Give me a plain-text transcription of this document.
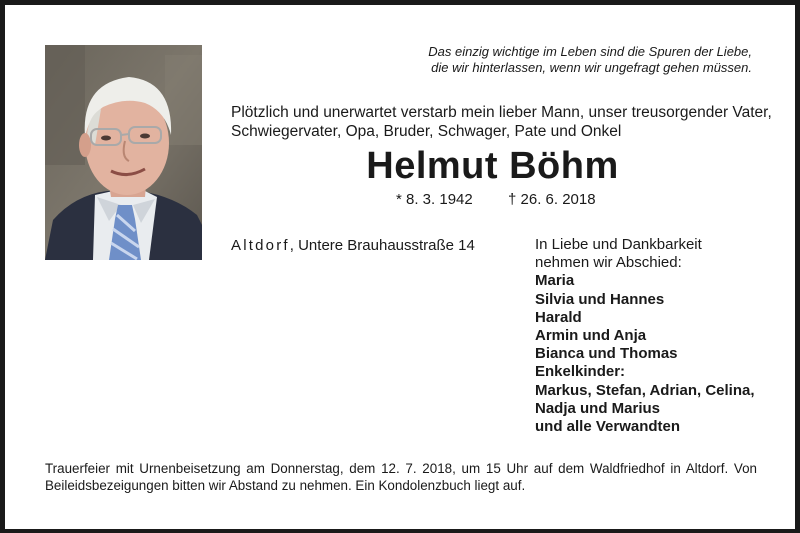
Das einzig wichtige im Leben sind die Spuren der Liebe,
die wir hinterlassen, wenn wir ungefragt gehen müssen.
Plötzlich und unerwartet verstarb mein lieber Mann, unser treusorgender Vater,
Schwiegervater, Opa, Bruder, Schwager, Pate und Onkel
Helmut Böhm
* 8. 3. 1942 † 26. 6. 2018
Altdorf, Untere Brauhausstraße 14	In Liebe und Dankbarkeit
nehmen wir Abschied:
Maria
Silvia und Hannes
Harald
Armin und Anja
Bianca und Thomas
Enkelkinder:
Markus, Stefan, Adrian, Celina,
Nadja und Marius
und alle Verwandten
Trauerfeier mit Urnenbeisetzung am Donnerstag, dem 12. 7. 2018, um 15 Uhr auf dem Waldfriedhof in Altdorf. Von
Beileidsbezeigungen bitten wir Abstand zu nehmen. Ein Kondolenzbuch liegt auf.
